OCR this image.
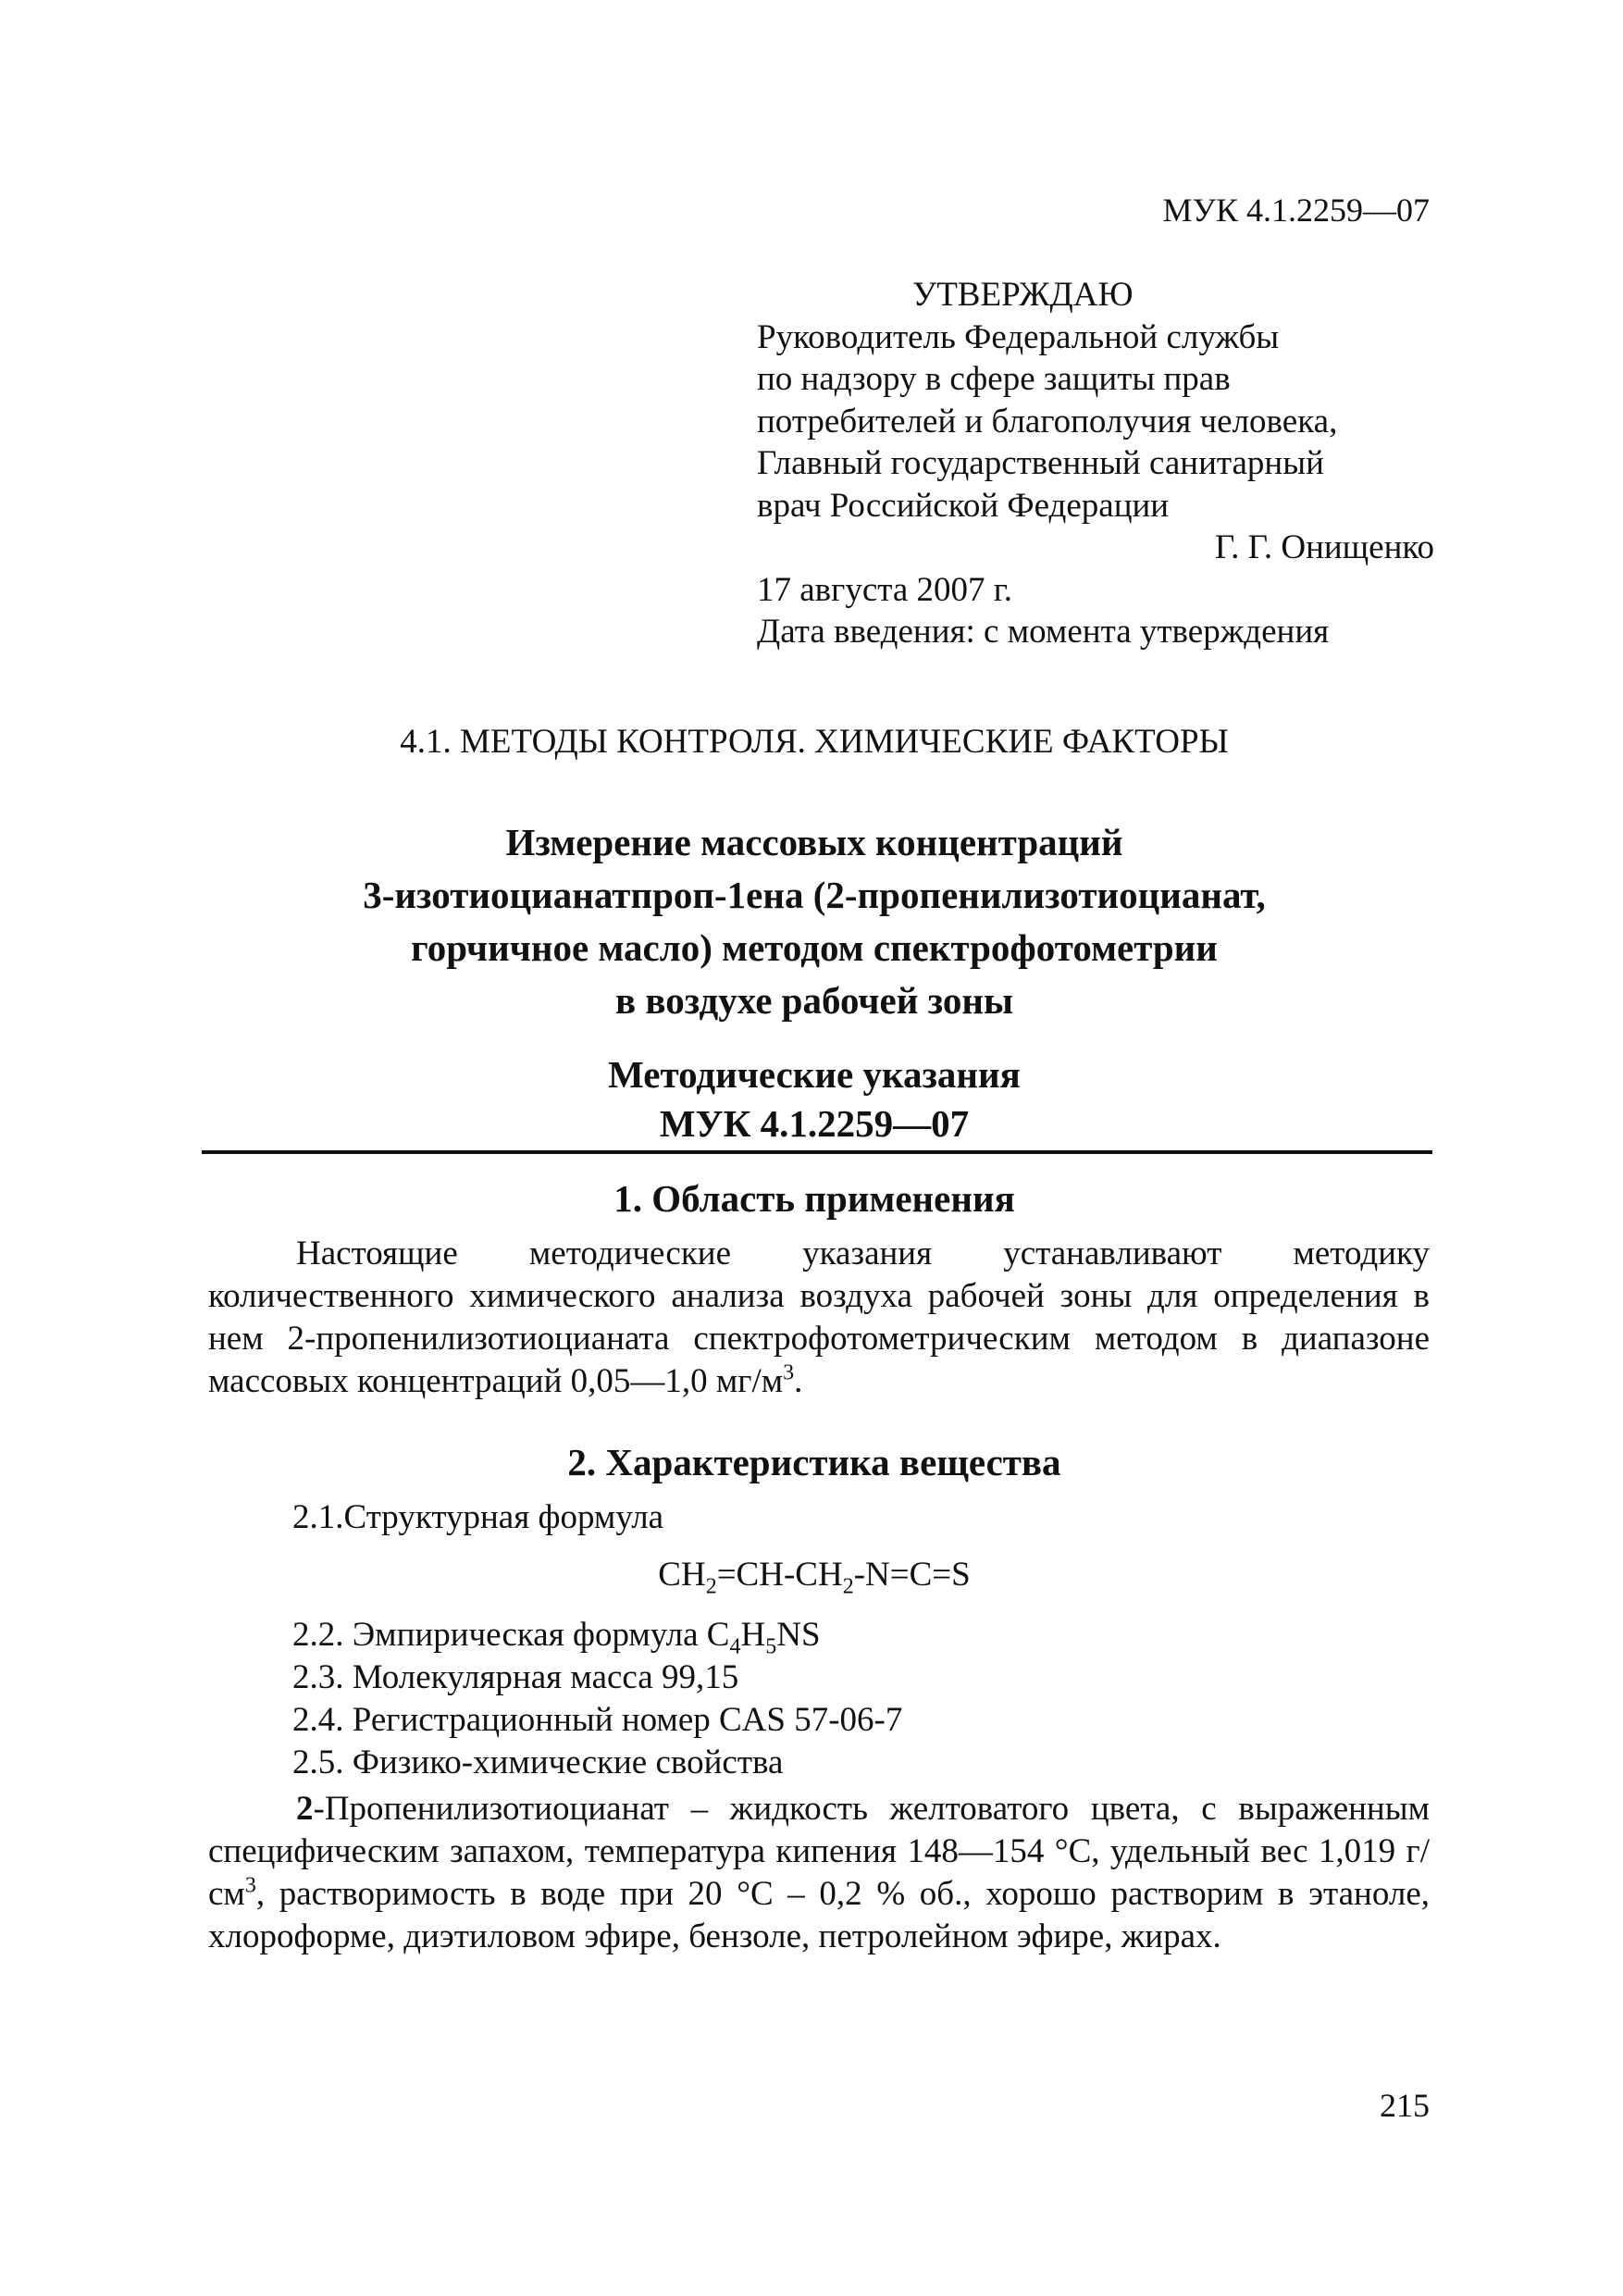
МУК 4.1.2259—07

УТВЕРЖДАЮ

Руководитель Федеральной службы

по надзору в сфере защиты прав

потребителей и благополучия человека,

Главный государственный санитарный

врач Российской Федерации

Г. Г. Онищенко

17 августа 2007 г.

Дата введения: с момента утверждения

4.1. МЕТОДЫ КОНТРОЛЯ. ХИМИЧЕСКИЕ ФАКТОРЫ

Измерение массовых концентраций

3-изотиоцианатпроп-1ена (2-пропенилизотиоцианат,

горчичное масло) методом спектрофотометрии

в воздухе рабочей зоны

Методические указания

МУК 4.1.2259—07

1. Область применения

Настоящие методические указания устанавливают методику количественного химического анализа воздуха рабочей зоны для определения в нем 2-пропенилизотиоцианата спектрофотометрическим методом в диапазоне массовых концентраций 0,05—1,0 $мг/м^3$.

2. Характеристика вещества
2.1.Структурная формула
$CH_2=CH-CH_2-N=C=S$
2.2. Эмпирическая формула $C_4H_5NS$
2.3. Молекулярная масса 99,15
2.4. Регистрационный номер CAS 57-06-7
2.5. Физико-химические свойства

2-Пропенилизотиоцианат – жидкость желтоватого цвета, с выраженным специфическим запахом, температура кипения 148—154 °C, удельный вес 1,019 $г/см^3$, растворимость в воде при 20 °C – 0,2 % об., хорошо растворим в этаноле, хлороформе, диэтиловом эфире, бензоле, петролейном эфире, жирах.

215
